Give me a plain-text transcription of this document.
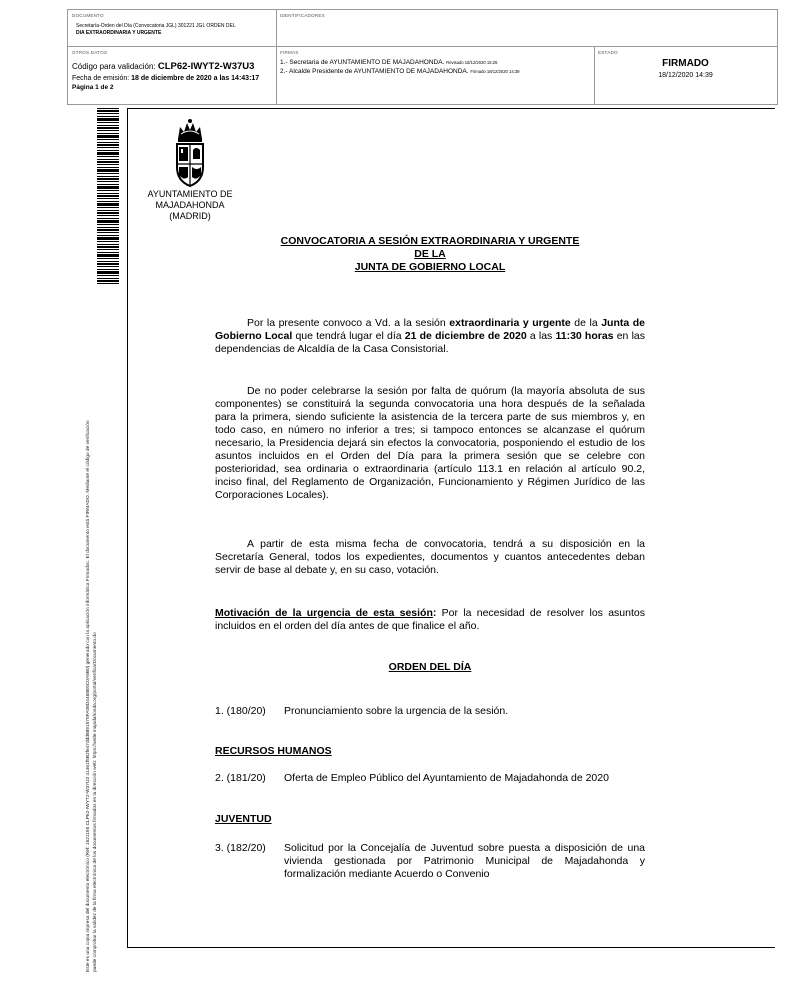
DOCUMENTO
Secretaría-Orden del Día (Convocatoria JGL) 301221 JGL ORDEN DEL
DIA EXTRAORDINARIA Y URGENTE
IDENTIFICADORES
OTROS DATOS
Código para validación: CLP62-IWYT2-W37U3
Fecha de emisión: 18 de diciembre de 2020 a las 14:43:17
Página 1 de 2
FIRMAS
1.- Secretaria de AYUNTAMIENTO DE MAJADAHONDA. Revisado 18/12/2020 15:25
2.- Alcalde Presidente de AYUNTAMIENTO DE MAJADAHONDA. Firmado 18/12/2020 14:39
ESTADO
FIRMADO
18/12/2020 14:39
Este es una copia impresa del documento electrónico (Ref: 1621155 CLP62-IWYT2-W37U3 41461f5B2fe47ddd8891575FA08D4468E5C0A9B0) generado con la aplicación informática Firmadoc. El documento está FIRMADO. Mediante el código de verificación puede comprobar la validez de la firma electrónica de los documentos firmados en la dirección web: https://sede.majadahonda.org/portal/verificarDocumento.do
AYUNTAMIENTO DE
MAJADAHONDA
(MADRID)
CONVOCATORIA A SESIÓN EXTRAORDINARIA Y URGENTE
DE LA
JUNTA DE GOBIERNO LOCAL
Por la presente convoco a Vd. a la sesión extraordinaria y urgente de la Junta de Gobierno Local que tendrá lugar el día 21 de diciembre de 2020 a las 11:30 horas en las dependencias de Alcaldía de la Casa Consistorial.
De no poder celebrarse la sesión por falta de quórum (la mayoría absoluta de sus componentes) se constituirá la segunda convocatoria una hora después de la señalada para la primera, siendo suficiente la asistencia de la tercera parte de sus miembros y, en todo caso, en número no inferior a tres; si tampoco entonces se alcanzase el quórum necesario, la Presidencia dejará sin efectos la convocatoria, posponiendo el estudio de los asuntos incluidos en el Orden del Día para la primera sesión que se celebre con posterioridad, sea ordinaria o extraordinaria (artículo 113.1 en relación al artículo 90.2, inciso final, del Reglamento de Organización, Funcionamiento y Régimen Jurídico de las Corporaciones Locales).
A partir de esta misma fecha de convocatoria, tendrá a su disposición en la Secretaría General, todos los expedientes, documentos y cuantos antecedentes deban servir de base al debate y, en su caso, votación.
Motivación de la urgencia de esta sesión: Por la necesidad de resolver los asuntos incluidos en el orden del día antes de que finalice el año.
ORDEN DEL DÍA
1. (180/20) Pronunciamiento sobre la urgencia de la sesión.
RECURSOS HUMANOS
2. (181/20) Oferta de Empleo Público del Ayuntamiento de Majadahonda de 2020
JUVENTUD
3. (182/20) Solicitud por la Concejalía de Juventud sobre puesta a disposición de una vivienda gestionada por Patrimonio Municipal de Majadahonda y formalización mediante Acuerdo o Convenio
